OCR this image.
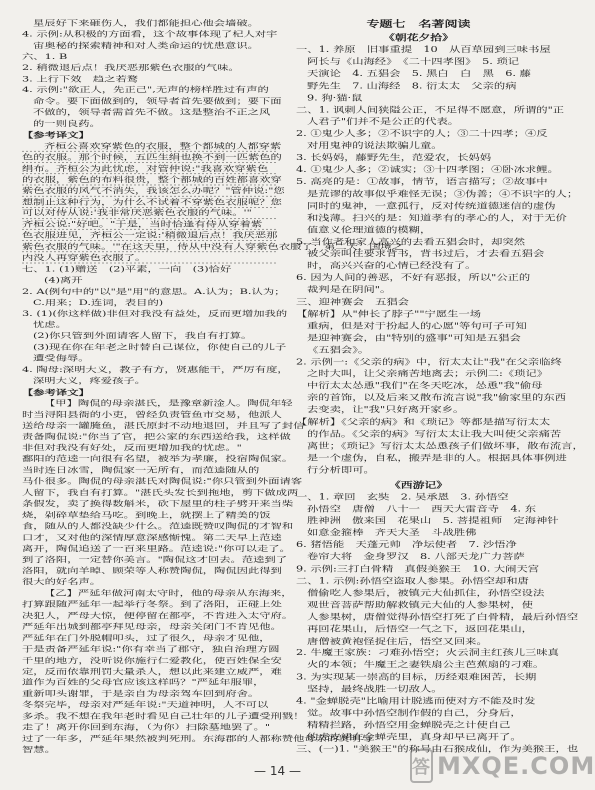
星辰好下来砸伤人，我们都能担心他会墙破。
4. 示例:从积极的方面看，这个故事体现了杞人对宇
宙奥秘的探索精神和对人类命运的忧患意识。
六、1. B
2. 稍微退后点！我厌恶那紫色衣服的气味。
3. 上行下效　趋之若鹜
4. 示例:"欲正人，先正己",无声的榜样胜过有声的
命令。要下面做到的，领导者首先要做到；要下面
不做的，领导者需首先不做。这是整治不正之风
的一则良药。
【参考译文】
齐桓公喜欢穿紫色的衣服，整个都城的人都穿紫
色的衣服。那个时候，五匹生绢也换不到一匹紫色的
绢布。齐桓公为此忧虑，对管仲说:"我喜欢穿紫色
的衣服，紫色的布料很贵，整个都城的百姓都喜欢穿
紫色衣服的风气不消失，我该怎么办呢？"管仲说:"您
想制止这种行为，为什么不试着不穿紫色衣服呢？您
可以对侍从说:'我非常厌恶紫色衣服的气味。'"
齐桓公说:"好吧。"于是，当时恰逢有侍从穿着紫
色衣服进见，齐桓公一定说:'稍微退后点！我厌恶那
紫色衣服的气味。'"在这天里，侍从中没有人穿紫色衣服了；第二天，国境之
内没人再穿紫色衣服了。
七、1. (1)赠送　(2)平素，一向　(3)恰好
(4)离开
2. A(例句中的"以"是"用"的意思。A.认为；B.认为；
C.用来；D.连词，表目的)
3. (1)(你这样做)非但对我没有益处，反而更增加我的
忧虑。
(2)你只管到外面请客人留下，我自有打算。
(3)现在你在年老之时替自己谋位，你使自己的儿子
遭受侮辱。
4. 陶母:深明大义，教子有方，贤惠能干，严厉有度，
深明大义，疼爱孩子。
【参考译文】
【甲】陶侃的母亲湛氏，是豫章新淦人。陶侃年轻
时当浔阳县衙的小吏，曾经负责管鱼市交易，他派人
送给母亲一罐腌鱼，湛氏原封不动地退回，并且写了封信
责备陶侃说:"你当了官，把公家的东西送给我，这样做
非但对我没有好处，反而更增加我的忧虑。"
鄱阳的范逵一向很有名望，被举为孝廉，投宿陶侃家。
当时连日冰雪，陶侃家一无所有，而范逵随从的
马仆很多。陶侃的母亲湛氏对陶侃说:"你只管到外面请客
人留下，我自有打算。"湛氏头发长到拖地，剪下做成两
条假发，卖了换得数斛米，砍下屋里的柱子劈开来当柴
烧，剁碎草垫给马吃。到晚上，就摆上了精美的饭
食，随从的人都没缺少什么。范逵既赞叹陶侃的才智和
口才，又对他的深情厚意深感惭愧。第二天早上范逵
离开，陶侃追送了一百来里路。范逵说:"你可以走了。
到了洛阳，一定替你美言。"陶侃这才回去。范逵到了
洛阳，就向羊晫、顾荣等人称赞陶侃，陶侃因此得到
很大的好名声。
【乙】严延年做河南太守时，他的母亲从东海来，
打算跟随严延年一起举行冬祭。到了洛阳，正碰上处
决犯人，严母大惊，便停留在都亭，不肯进入太守府。
严延年出城到都亭拜见母亲，母亲关闭门不肯见他。
严延年在门外脱帽叩头，过了很久，母亲才见他，
于是责备严延年说:"你有幸当了郡守，独自治理方圆
千里的地方，没听说你施行仁爱教化，使百姓保全安
定，反而依靠刑罚大量杀人，想以此来建立威严，难
道作为百姓的父母官应该这样吗？"严延年服罪，
重新叩头谢罪，于是亲自为母亲驾车回到府舍。
冬祭完毕，母亲对严延年说:"天道神明，人不可以
多杀。我不想在我年老时看见自己壮年的儿子遭受刑戮！
走了！离开你回到东海，（为你）扫除墓地罢了。"
过了一年多，严延年果然被判死刑。东海郡的人都称赞他母亲的贤明与
智慧。
专题七　名著阅读
《朝花夕拾》
一、1. 养原　旧事重提　10　从百草园到三味书屋
阿长与《山海经》　《二十四孝图》　5. 琐记
天演论　4. 五猖会　5. 黑白　白　黑　6. 藤
野先生　7. 山海经　8. 衍太太　父亲的病
9. 狗·猫·鼠
二、1. 讽刺人间狭隘公正，不足得不愿意，所谓的"正
人君子"们并不是公正的代表。
2. ①鬼少人多；②不识字的人；③二十四孝；④反
对用鬼神的说法欺骗儿童。
3. 长妈妈，藤野先生，范爱农，长妈妈
4. ①鬼少人多；②诚实；③十四孝图；④卧冰求鲤。
5. 高亮的是：①故事，情节，语言描写；②故事中
是荒谬的故事似乎难怪无误；③伪善；④不识字的人；
同时的鬼神，一意孤行，反对传统道德迷信的虚伪
和浅薄。扫兴的是：知道孝有的孝心的人，对于无价
值意义伦理道德的模糊，
5. 当作者和家人高兴的去看五猖会时，却突然
被父亲叫住要求背书，背书过后，才去看五猖会
时，高兴兴奋的心情已经没有了。
6. 因为人间的善恶，不好有恶报，所以"公正的
裁判是在阴间"。
三、迎神赛会　五猖会
【解析】从"伸长了脖子""宁愿生一场
重病，但是对于扮起人的心愿"等句可子可知
是迎神赛会，由"特别的盛事"可知是五猖会
《五猖会》。
2. 示例一:《父亲的病》中，衍太太让"我"在父亲临终
之时大叫，让父亲痛苦地离去；示例二:《琐记》
中衍太太怂恿"我们"在冬天吃冰，怂恿"我"偷母
亲的首饰，以及后来又散布流言说"我"偷家里的东西
去变卖，让"我"只好离开家乡。
【解析】《父亲的病》和《琐记》等都是描写衍太太
的作品。《父亲的病》写衍太太让我大叫使父亲痛苦
离世；《琐记》写衍太太怂恿孩子们做坏事，散布流言，
是一个虚伪，自私，搬弄是非的人。根据具体事例进
行分析即可。
《西游记》
一、1. 章回　玄奘　2. 吴承恩　3. 孙悟空
孙悟空　唐僧　八十一　西天大雷音寺　4. 东
胜神洲　傲来国　花果山　5. 菩提祖师　定海神针
如意金箍棒　齐天大圣　斗战胜佛
6. 猪悟能　天蓬元帅　净坛使者　7. 沙悟净
卷帘大将　金身罗汉　8. 八部天龙广力菩萨
9. 示例:三打白骨精　真假美猴王　10. 大闹天宫
二、1. 示例:孙悟空盗取人参果。孙悟空却和唐
僧偷吃人参果后，被镇元大仙抓住，孙悟空设法
观世音菩萨帮助解救镇元大仙的人参果树，使
人参果树，唐僧觉得孙悟空打死了白骨精，最后孙悟空
再回花果山，后悟空一气之下，返回花果山，
唐僧被黄袍怪捉住后，悟空又回来。
2. 牛魔王家族：刁难孙悟空；火云洞主红孩儿三味真
火的本领；牛魔王之妻铁扇公主芭蕉扇的刁难。
3. 为实现某一崇高的目标，历经艰难困苦，长期
坚持，最终战胜一切敌人。
4. "金蝉脱壳"比喻用计脱逃而使对方不能及时发
觉。故事中孙悟空制作假的自己，分身后，
精精拦路，孙悟空用金蝉脱壳之计使自己
的虎皮裙在金蝉壳里，真身却早已离开了。
三、(一)1. "美猴王"的称号由石猴成仙，作为美猴王，也
— 14 —	答 MXQE.COM
